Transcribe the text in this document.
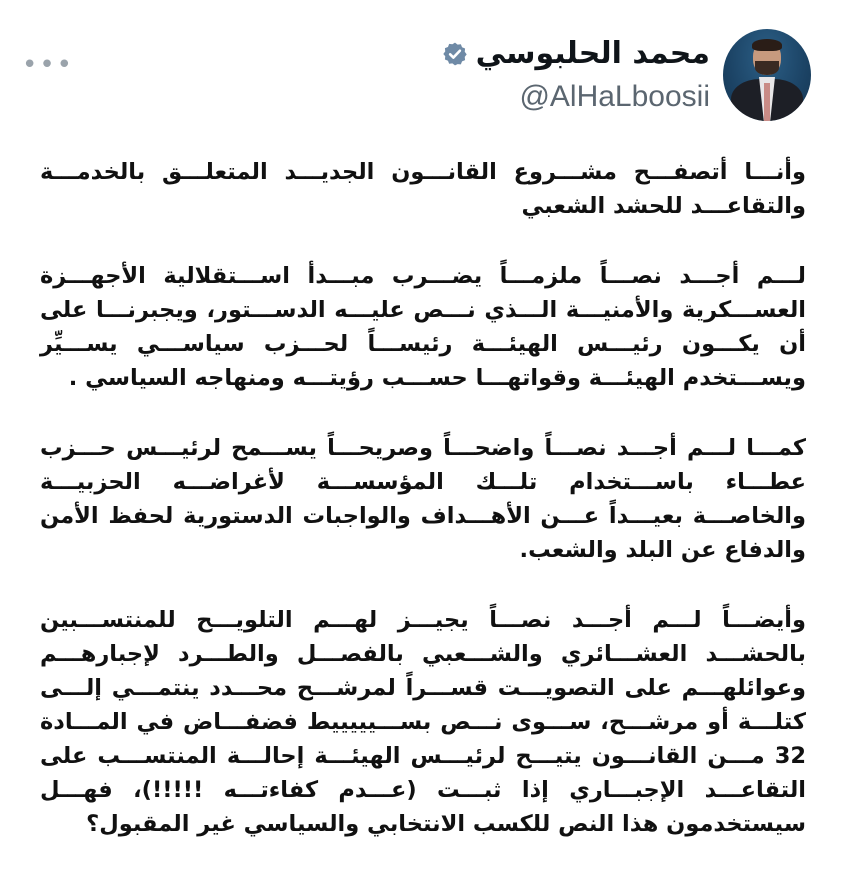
•••	محمد الحلبوسي
@AlHaLboosii

وأنـــا أتصفـــح مشـــروع القانـــون الجديـــد المتعلـــق بالخدمـــة والتقاعـــد للحشد الشعبي

لـــم أجـــد نصـــاً ملزمـــاً يضـــرب مبـــدأ اســـتقلالية الأجهـــزة العســـكرية والأمنيـــة الـــذي نـــص عليـــه الدســـتور، ويجبرنـــا على أن يكـــون رئيـــس الهيئـــة رئيســـاً لحـــزب سياســـي يســـيِّر ويســـتخدم الهيئـــة وقواتهـــا حســـب رؤيتـــه ومنهاجه السياسي .

كمـــا لـــم أجـــد نصـــاً واضحـــاً وصريحـــاً يســـمح لرئيـــس حـــزب عطـــاء باســـتخدام تلـــك المؤسســـة لأغراضـــه الحزبيـــة والخاصـــة بعيـــداً عـــن الأهـــداف والواجبات الدستورية لحفظ الأمن والدفاع عن البلد والشعب.

وأيضـــاً لـــم أجـــد نصـــاً يجيـــز لهـــم التلويـــح للمنتســـبين بالحشـــد العشـــائري والشـــعبي بالفصـــل والطـــرد لإجبارهـــم وعوائلهـــم على التصويـــت قســـراً لمرشـــح محـــدد ينتمـــي إلـــى كتلـــة أو مرشـــح، ســـوى نـــص بســـيييييط فضفـــاض في المـــادة 32 مـــن القانـــون يتيـــح لرئيـــس الهيئـــة إحالـــة المنتســـب على التقاعـــد الإجبـــاري إذا ثبـــت (عـــدم كفاءتـــه !!!!!)، فهـــل سيستخدمون هذا النص للكسب الانتخابي والسياسي غير المقبول؟
